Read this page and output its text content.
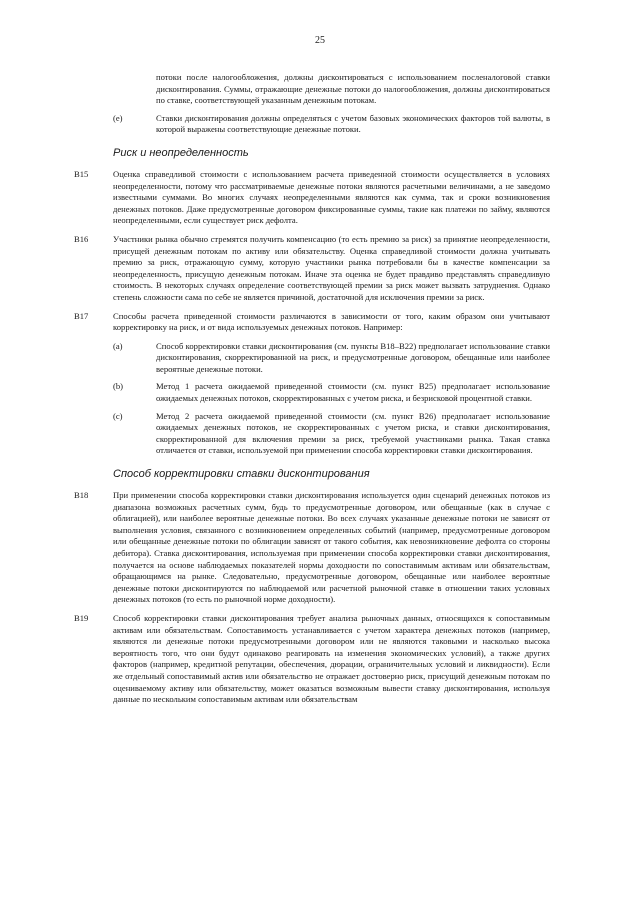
25
потоки после налогообложения, должны дисконтироваться с использованием посленалоговой ставки дисконтирования. Суммы, отражающие денежные потоки до налогообложения, должны дисконтироваться по ставке, соответствующей указанным денежным потокам.
(e)	Ставки дисконтирования должны определяться с учетом базовых экономических факторов той валюты, в которой выражены соответствующие денежные потоки.
Риск и неопределенность
B15	Оценка справедливой стоимости с использованием расчета приведенной стоимости осуществляется в условиях неопределенности, потому что рассматриваемые денежные потоки являются расчетными величинами, а не заведомо известными суммами. Во многих случаях неопределенными являются как сумма, так и сроки возникновения денежных потоков. Даже предусмотренные договором фиксированные суммы, такие как платежи по займу, являются неопределенными, если существует риск дефолта.
B16	Участники рынка обычно стремятся получить компенсацию (то есть премию за риск) за принятие неопределенности, присущей денежным потокам по активу или обязательству. Оценка справедливой стоимости должна учитывать премию за риск, отражающую сумму, которую участники рынка потребовали бы в качестве компенсации за неопределенность, присущую денежным потокам. Иначе эта оценка не будет правдиво представлять справедливую стоимость. В некоторых случаях определение соответствующей премии за риск может вызвать затруднения. Однако степень сложности сама по себе не является причиной, достаточной для исключения премии за риск.
B17	Способы расчета приведенной стоимости различаются в зависимости от того, каким образом они учитывают корректировку на риск, и от вида используемых денежных потоков. Например:
(a)	Способ корректировки ставки дисконтирования (см. пункты B18–B22) предполагает использование ставки дисконтирования, скорректированной на риск, и предусмотренные договором, обещанные или наиболее вероятные денежные потоки.
(b)	Метод 1 расчета ожидаемой приведенной стоимости (см. пункт B25) предполагает использование ожидаемых денежных потоков, скорректированных с учетом риска, и безрисковой процентной ставки.
(c)	Метод 2 расчета ожидаемой приведенной стоимости (см. пункт B26) предполагает использование ожидаемых денежных потоков, не скорректированных с учетом риска, и ставки дисконтирования, скорректированной для включения премии за риск, требуемой участниками рынка. Такая ставка отличается от ставки, используемой при применении способа корректировки ставки дисконтирования.
Способ корректировки ставки дисконтирования
B18	При применении способа корректировки ставки дисконтирования используется один сценарий денежных потоков из диапазона возможных расчетных сумм, будь то предусмотренные договором, или обещанные (как в случае с облигацией), или наиболее вероятные денежные потоки. Во всех случаях указанные денежные потоки не зависят от выполнения условия, связанного с возникновением определенных событий (например, предусмотренные договором или обещанные денежные потоки по облигации зависят от такого события, как невозникновение дефолта со стороны дебитора). Ставка дисконтирования, используемая при применении способа корректировки ставки дисконтирования, получается на основе наблюдаемых показателей нормы доходности по сопоставимым активам или обязательствам, обращающимся на рынке. Следовательно, предусмотренные договором, обещанные или наиболее вероятные денежные потоки дисконтируются по наблюдаемой или расчетной рыночной ставке в отношении таких условных денежных потоков (то есть по рыночной норме доходности).
B19	Способ корректировки ставки дисконтирования требует анализа рыночных данных, относящихся к сопоставимым активам или обязательствам. Сопоставимость устанавливается с учетом характера денежных потоков (например, являются ли денежные потоки предусмотренными договором или не являются таковыми и насколько высока вероятность того, что они будут одинаково реагировать на изменения экономических условий), а также других факторов (например, кредитной репутации, обеспечения, дюрации, ограничительных условий и ликвидности). Если же отдельный сопоставимый актив или обязательство не отражает достоверно риск, присущий денежным потокам по оцениваемому активу или обязательству, может оказаться возможным вывести ставку дисконтирования, используя данные по нескольким сопоставимым активам или обязательствам
